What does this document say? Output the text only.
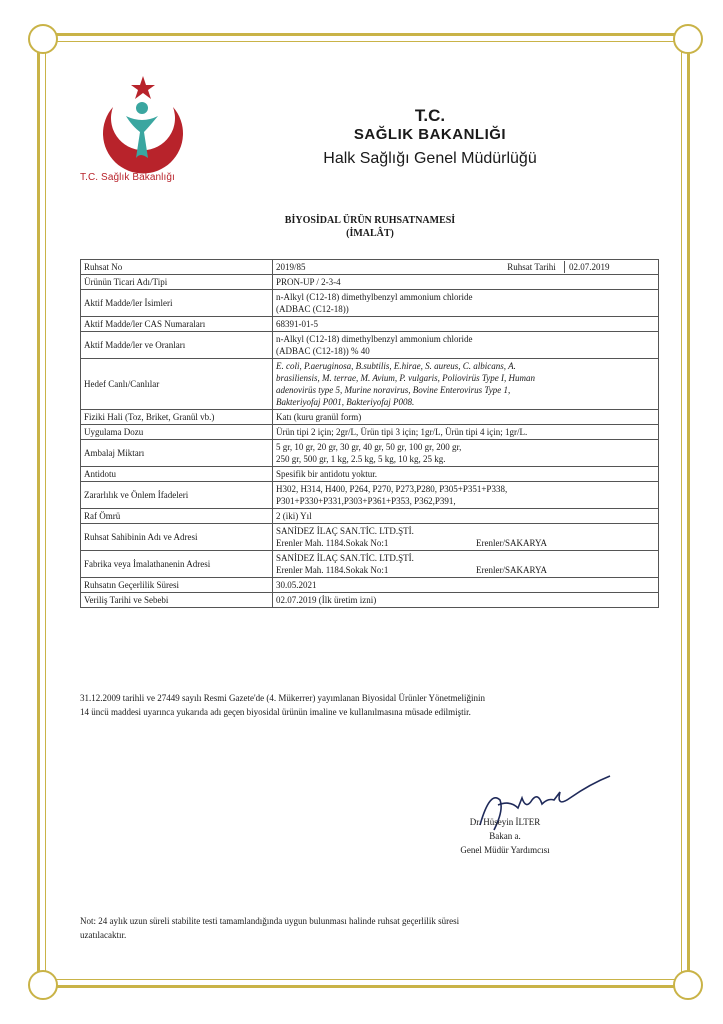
T.C. Sağlık Bakanlığı
T.C.
SAĞLIK BAKANLIĞI
Halk Sağlığı Genel Müdürlüğü
BİYOSİDAL ÜRÜN RUHSATNAMESİ
(İMALÂT)
Ruhsat No	2019/85 Ruhsat Tarihi 02.07.2019

Ürünün Ticari Adı/Tipi	PRON-UP / 2-3-4
Aktif Madde/ler İsimleri	n-Alkyl (C12-18) dimethylbenzyl ammonium chloride
(ADBAC (C12-18))

Aktif Madde/ler CAS Numaraları	68391-01-5
Aktif Madde/ler ve Oranları	n-Alkyl (C12-18) dimethylbenzyl ammonium chloride
(ADBAC (C12-18)) % 40

Hedef Canlı/Canlılar	E. coli, P.aeruginosa, B.subtilis, E.hirae, S. aureus, C. albicans, A.
brasiliensis, M. terrae, M. Avium, P. vulgaris, Poliovirüs Type I, Human
adenovirüs type 5, Murine noravirus, Bovine Enterovirus Type 1,
Bakteriyofaj P001, Bakteriyofaj P008.

Fiziki Hali (Toz, Briket, Granül vb.)	Katı (kuru granül form)
Uygulama Dozu	Ürün tipi 2 için; 2gr/L, Ürün tipi 3 için; 1gr/L, Ürün tipi 4 için; 1gr/L.
Ambalaj Miktarı	5 gr, 10 gr, 20 gr, 30 gr, 40 gr, 50 gr, 100 gr, 200 gr,
250 gr, 500 gr, 1 kg, 2.5 kg, 5 kg, 10 kg, 25 kg.

Antidotu	Spesifik bir antidotu yoktur.
Zararlılık ve Önlem İfadeleri	H302, H314, H400, P264, P270, P273,P280, P305+P351+P338,
P301+P330+P331,P303+P361+P353, P362,P391,

Raf Ömrü	2 (iki) Yıl
Ruhsat Sahibinin Adı ve Adresi	SANİDEZ İLAÇ SAN.TİC. LTD.ŞTİ.
Erenler Mah. 1184.Sokak No:1 Erenler/SAKARYA

Fabrika veya İmalathanenin Adresi	SANİDEZ İLAÇ SAN.TİC. LTD.ŞTİ.
Erenler Mah. 1184.Sokak No:1 Erenler/SAKARYA

Ruhsatın Geçerlilik Süresi	30.05.2021
Veriliş Tarihi ve Sebebi	02.07.2019 (İlk üretim izni)
31.12.2009 tarihli ve 27449 sayılı Resmi Gazete'de (4. Mükerrer) yayımlanan Biyosidal Ürünler Yönetmeliğinin
14 üncü maddesi uyarınca yukarıda adı geçen biyosidal ürünün imaline ve kullanılmasına müsade edilmiştir.
Dr. Hüseyin İLTER
Bakan a.
Genel Müdür Yardımcısı
Not: 24 aylık uzun süreli stabilite testi tamamlandığında uygun bulunması halinde ruhsat geçerlilik süresi
uzatılacaktır.
